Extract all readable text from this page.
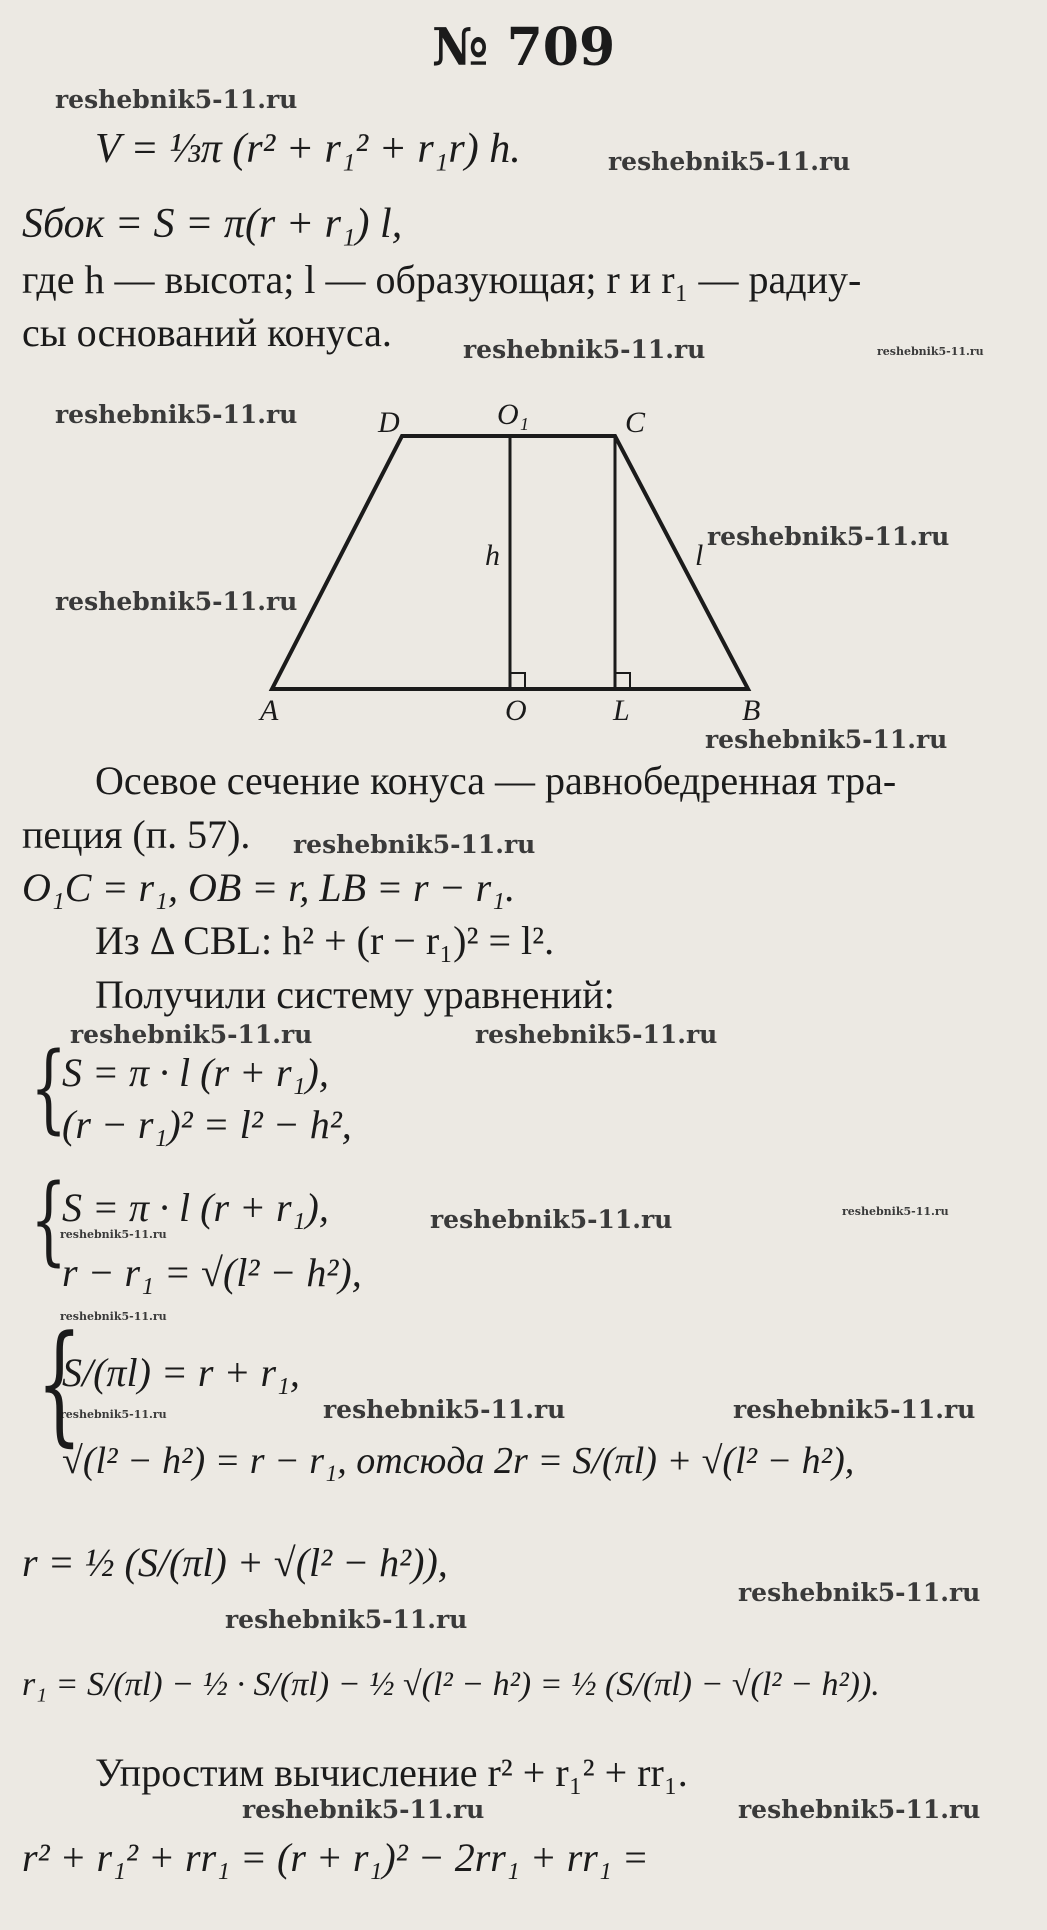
№ 709
reshebnik5-11.ru
reshebnik5-11.ru
reshebnik5-11.ru	reshebnik5-11.ru
reshebnik5-11.ru
reshebnik5-11.ru
reshebnik5-11.ru
reshebnik5-11.ru
reshebnik5-11.ru
reshebnik5-11.ru	reshebnik5-11.ru
reshebnik5-11.ru	reshebnik5-11.ru
reshebnik5-11.ru
reshebnik5-11.ru
reshebnik5-11.ru	reshebnik5-11.ru	reshebnik5-11.ru
reshebnik5-11.ru
reshebnik5-11.ru
reshebnik5-11.ru	reshebnik5-11.ru
V = ⅓π (r² + r₁² + r₁r) h.
Sбок = S = π(r + r₁) l,
где h — высота; l — образующая; r и r₁ — радиу-
сы оснований конуса.
D	O₁	C
h	l
A	O	L	B
Осевое сечение конуса — равнобедренная тра-
пеция (п. 57).
O₁C = r₁, OB = r, LB = r − r₁.
Из Δ CBL: h² + (r − r₁)² = l².
Получили систему уравнений:
{
S = π · l (r + r₁),
(r − r₁)² = l² − h²,
{
S = π · l (r + r₁),
r − r₁ = √(l² − h²),
{
S/(πl) = r + r₁,
√(l² − h²) = r − r₁, отсюда 2r = S/(πl) + √(l² − h²),
r = ½ (S/(πl) + √(l² − h²)),
r₁ = S/(πl) − ½ · S/(πl) − ½ √(l² − h²) = ½ (S/(πl) − √(l² − h²)).
Упростим вычисление r² + r₁² + rr₁.
r² + r₁² + rr₁ = (r + r₁)² − 2rr₁ + rr₁ =
